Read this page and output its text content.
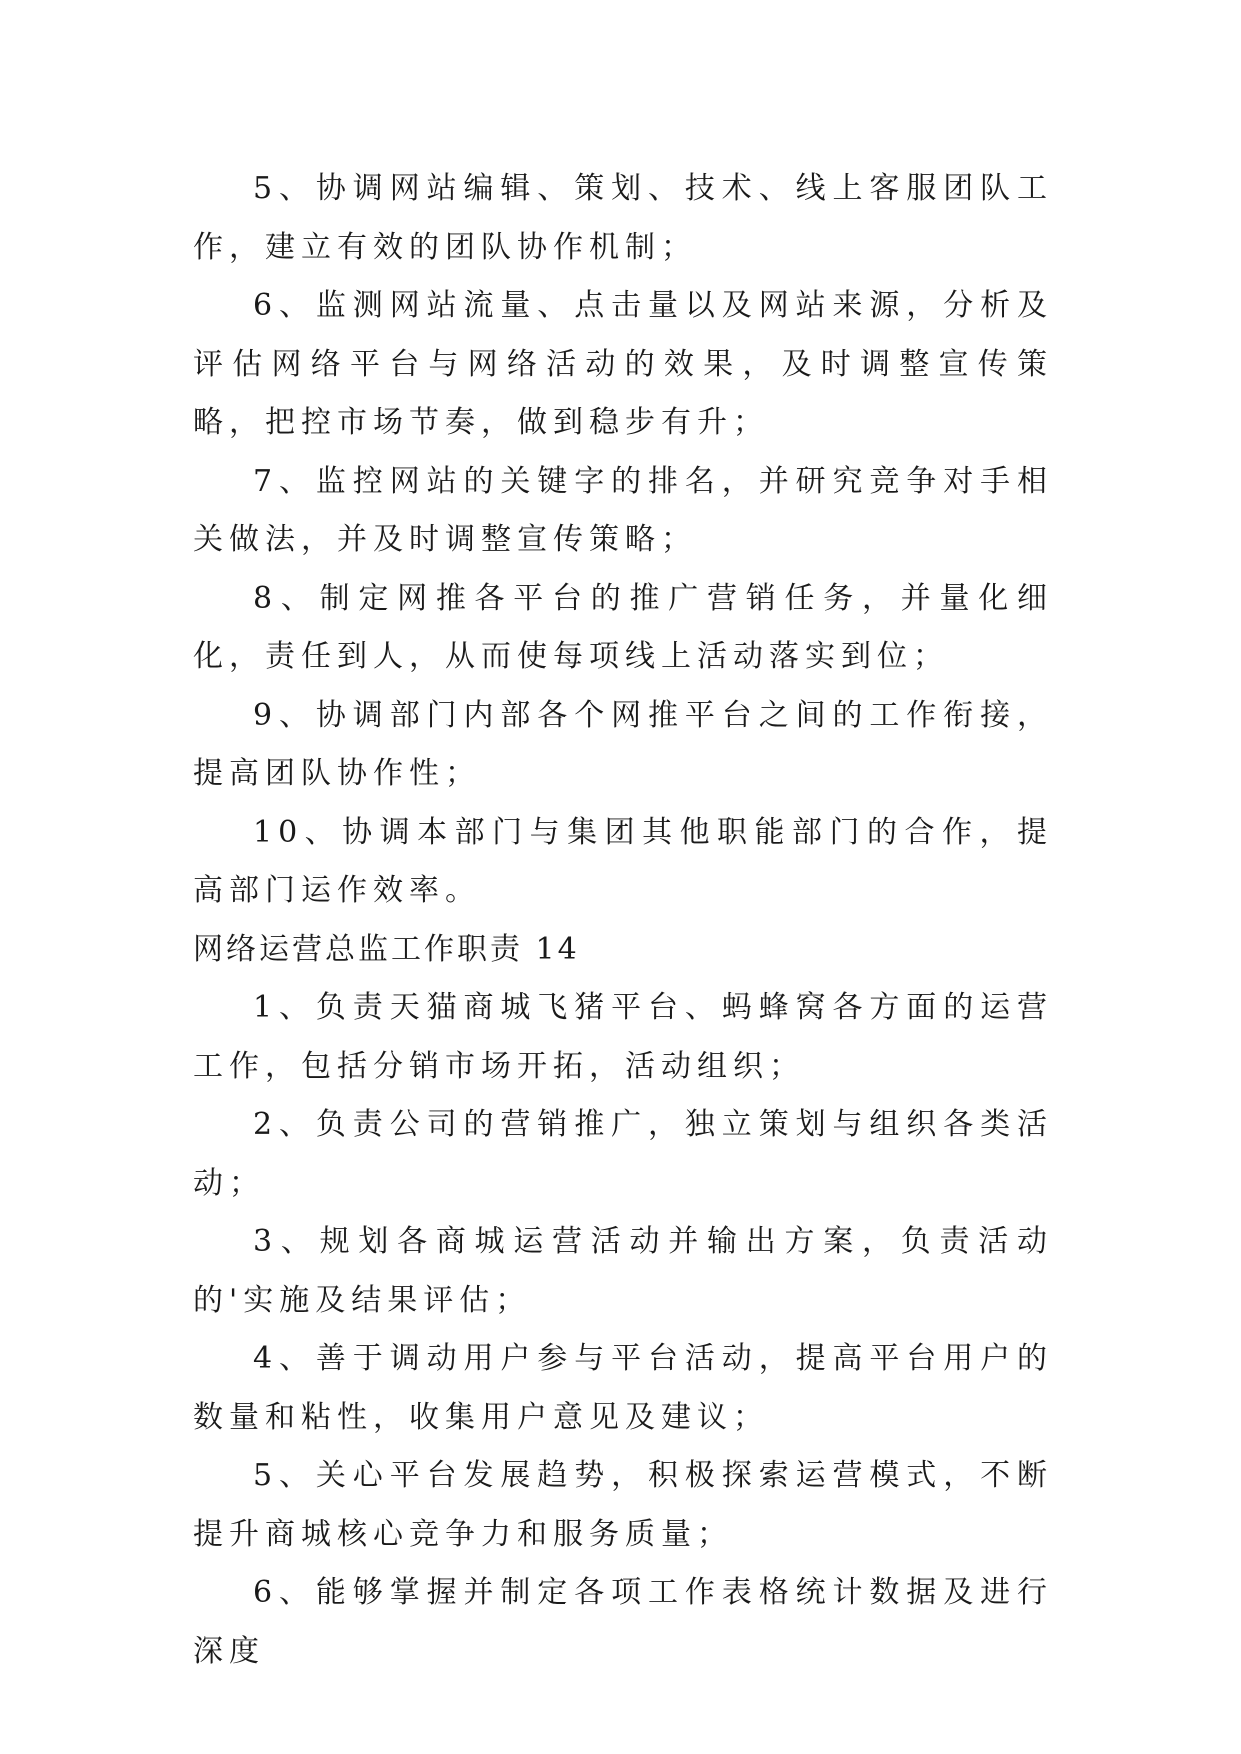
5、协调网站编辑、策划、技术、线上客服团队工作，建立有效的团队协作机制；

6、监测网站流量、点击量以及网站来源，分析及评估网络平台与网络活动的效果，及时调整宣传策略，把控市场节奏，做到稳步有升；

7、监控网站的关键字的排名，并研究竞争对手相关做法，并及时调整宣传策略；

8、制定网推各平台的推广营销任务，并量化细化，责任到人，从而使每项线上活动落实到位；

9、协调部门内部各个网推平台之间的工作衔接，提高团队协作性；

10、协调本部门与集团其他职能部门的合作，提高部门运作效率。

网络运营总监工作职责 14

1、负责天猫商城飞猪平台、蚂蜂窝各方面的运营工作，包括分销市场开拓，活动组织；

2、负责公司的营销推广，独立策划与组织各类活动；

3、规划各商城运营活动并输出方案，负责活动的'实施及结果评估；

4、善于调动用户参与平台活动，提高平台用户的数量和粘性，收集用户意见及建议；

5、关心平台发展趋势，积极探索运营模式，不断提升商城核心竞争力和服务质量；

6、能够掌握并制定各项工作表格统计数据及进行深度
